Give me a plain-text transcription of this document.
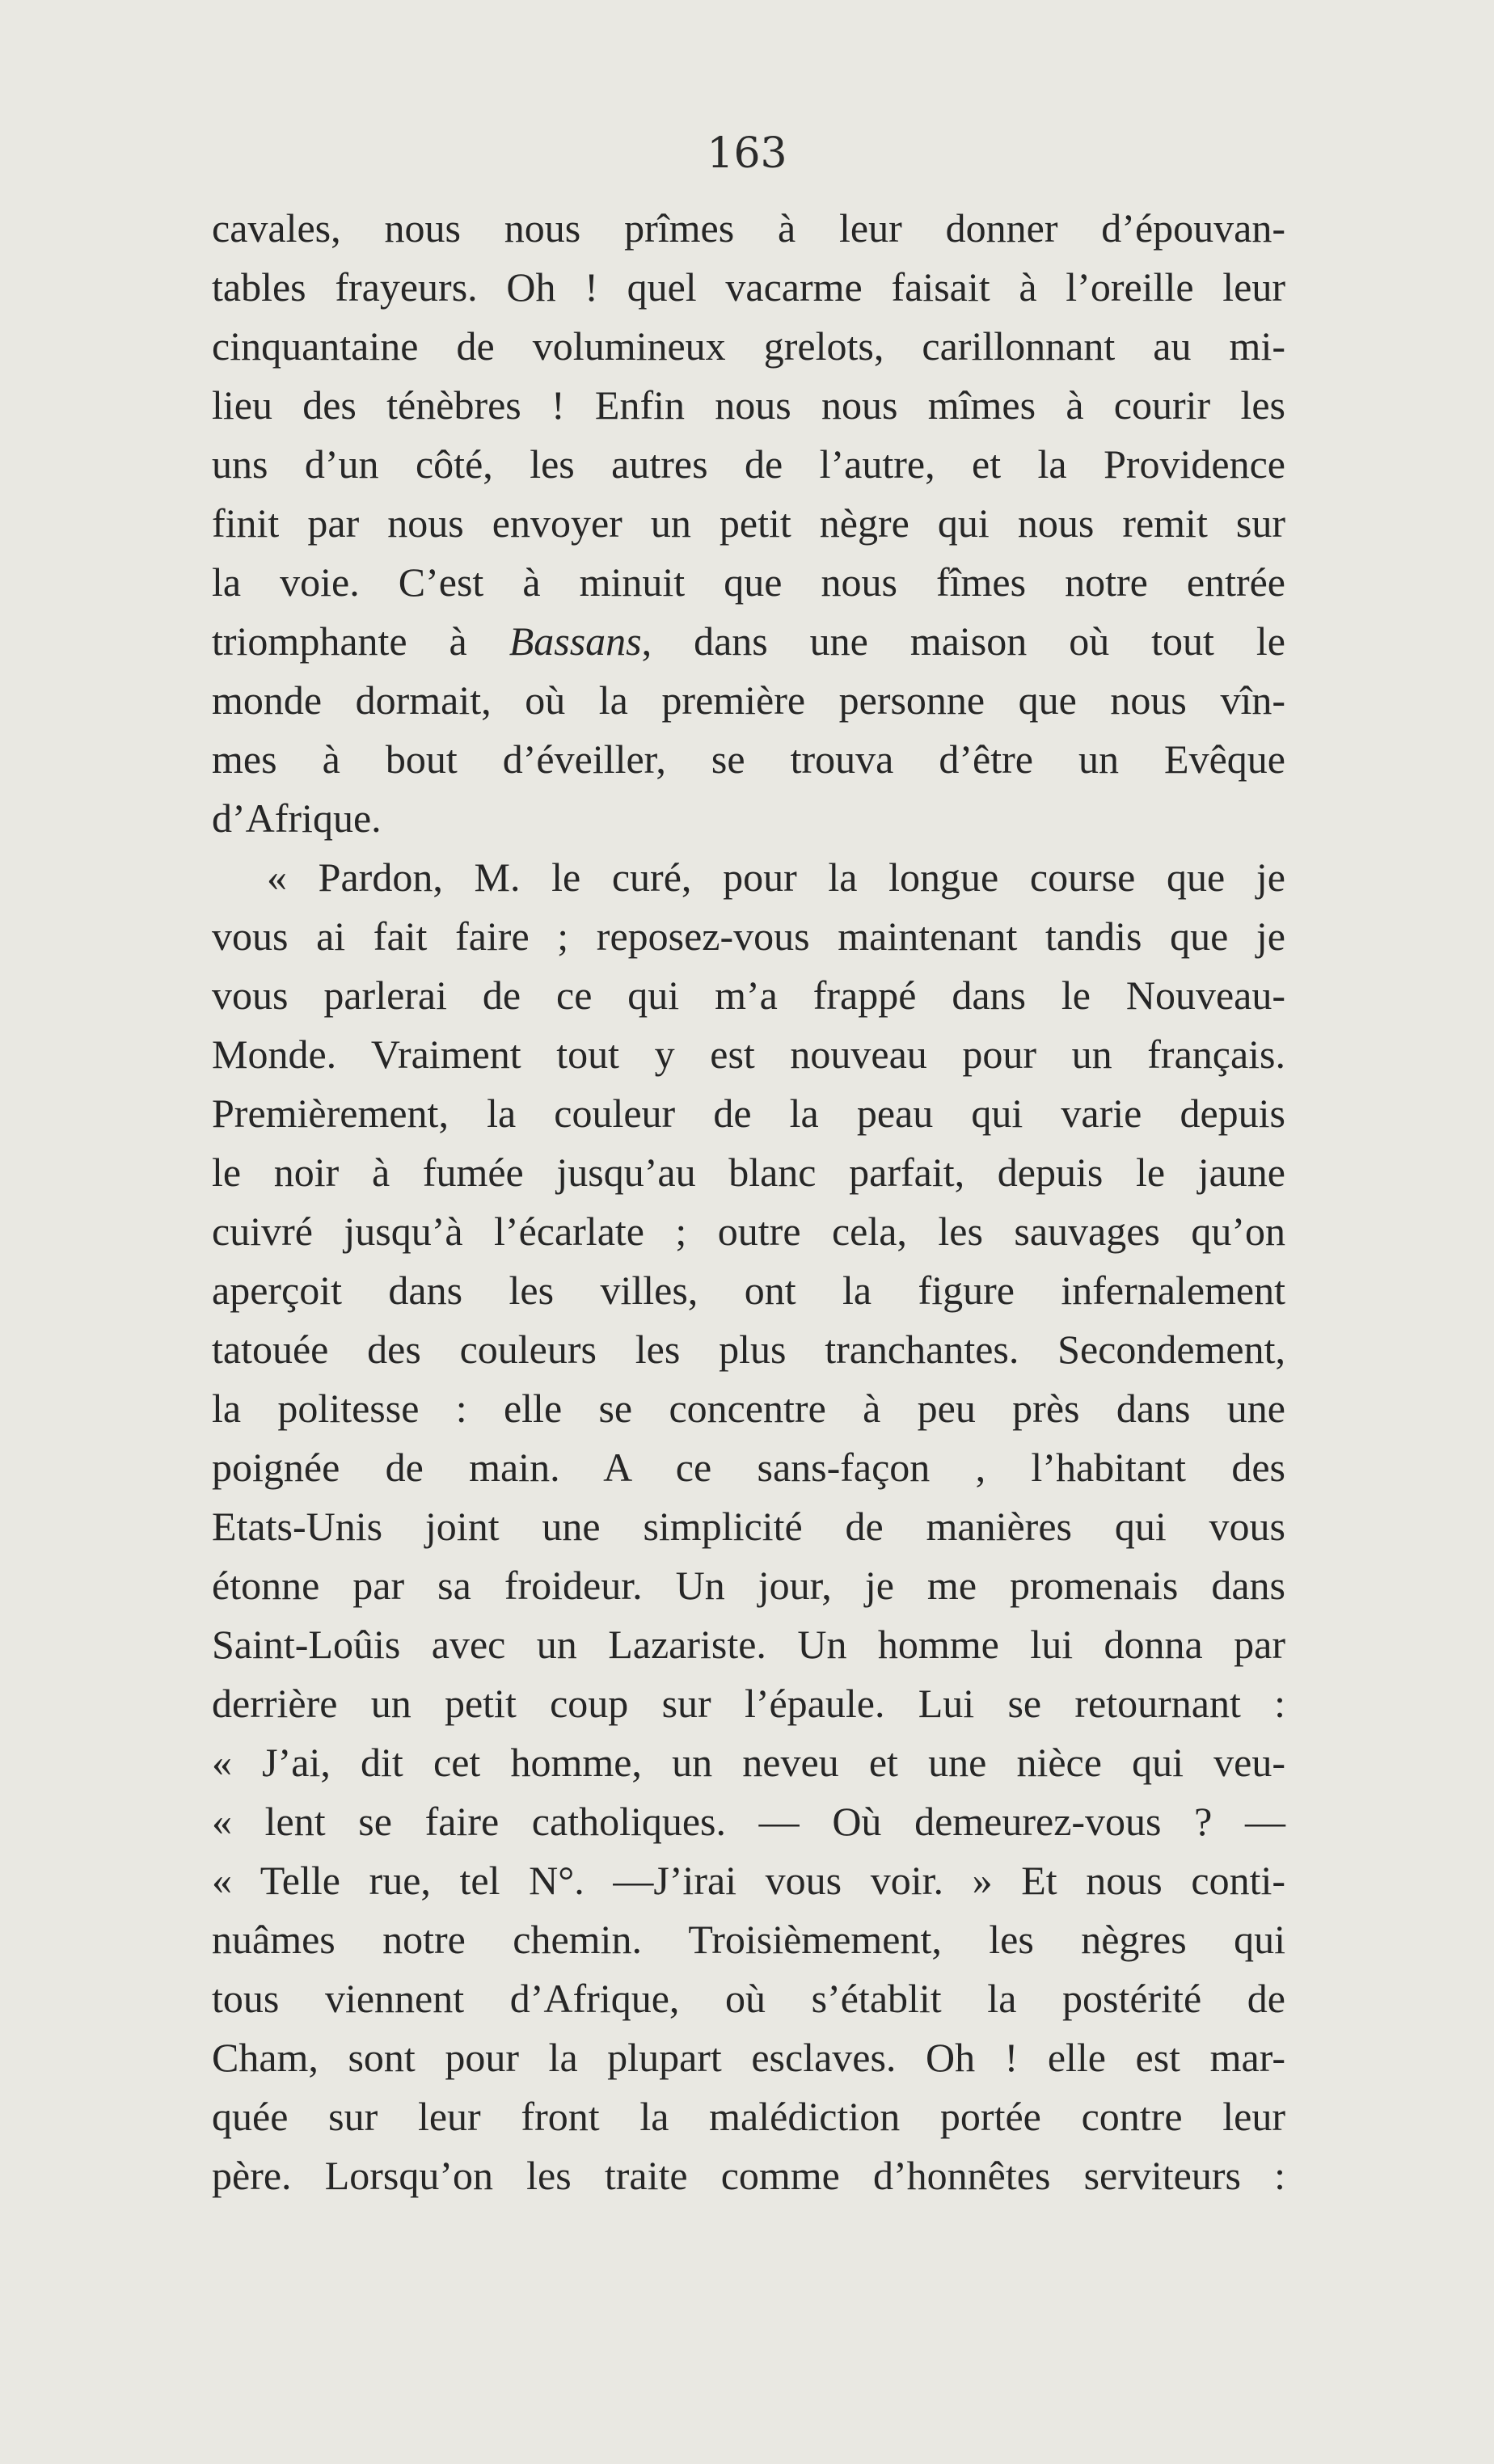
163
cavales, nous nous prîmes à leur donner d’épouvan-
tables frayeurs. Oh ! quel vacarme faisait à l’oreille leur
cinquantaine de volumineux grelots, carillonnant au mi-
lieu des ténèbres ! Enfin nous nous mîmes à courir les
uns d’un côté, les autres de l’autre, et la Providence
finit par nous envoyer un petit nègre qui nous remit sur
la voie. C’est à minuit que nous fîmes notre entrée
triomphante à Bassans, dans une maison où tout le
monde dormait, où la première personne que nous vîn-
mes à bout d’éveiller, se trouva d’être un Evêque
d’Afrique.
« Pardon, M. le curé, pour la longue course que je
vous ai fait faire ; reposez-vous maintenant tandis que je
vous parlerai de ce qui m’a frappé dans le Nouveau-
Monde. Vraiment tout y est nouveau pour un français.
Premièrement, la couleur de la peau qui varie depuis
le noir à fumée jusqu’au blanc parfait, depuis le jaune
cuivré jusqu’à l’écarlate ; outre cela, les sauvages qu’on
aperçoit dans les villes, ont la figure infernalement
tatouée des couleurs les plus tranchantes. Secondement,
la politesse : elle se concentre à peu près dans une
poignée de main. A ce sans-façon , l’habitant des
Etats-Unis joint une simplicité de manières qui vous
étonne par sa froideur. Un jour, je me promenais dans
Saint-Loûis avec un Lazariste. Un homme lui donna par
derrière un petit coup sur l’épaule. Lui se retournant :
« J’ai, dit cet homme, un neveu et une nièce qui veu-
« lent se faire catholiques. — Où demeurez-vous ? —
« Telle rue, tel N°. —J’irai vous voir. » Et nous conti-
nuâmes notre chemin. Troisièmement, les nègres qui
tous viennent d’Afrique, où s’établit la postérité de
Cham, sont pour la plupart esclaves. Oh ! elle est mar-
quée sur leur front la malédiction portée contre leur
père. Lorsqu’on les traite comme d’honnêtes serviteurs :
